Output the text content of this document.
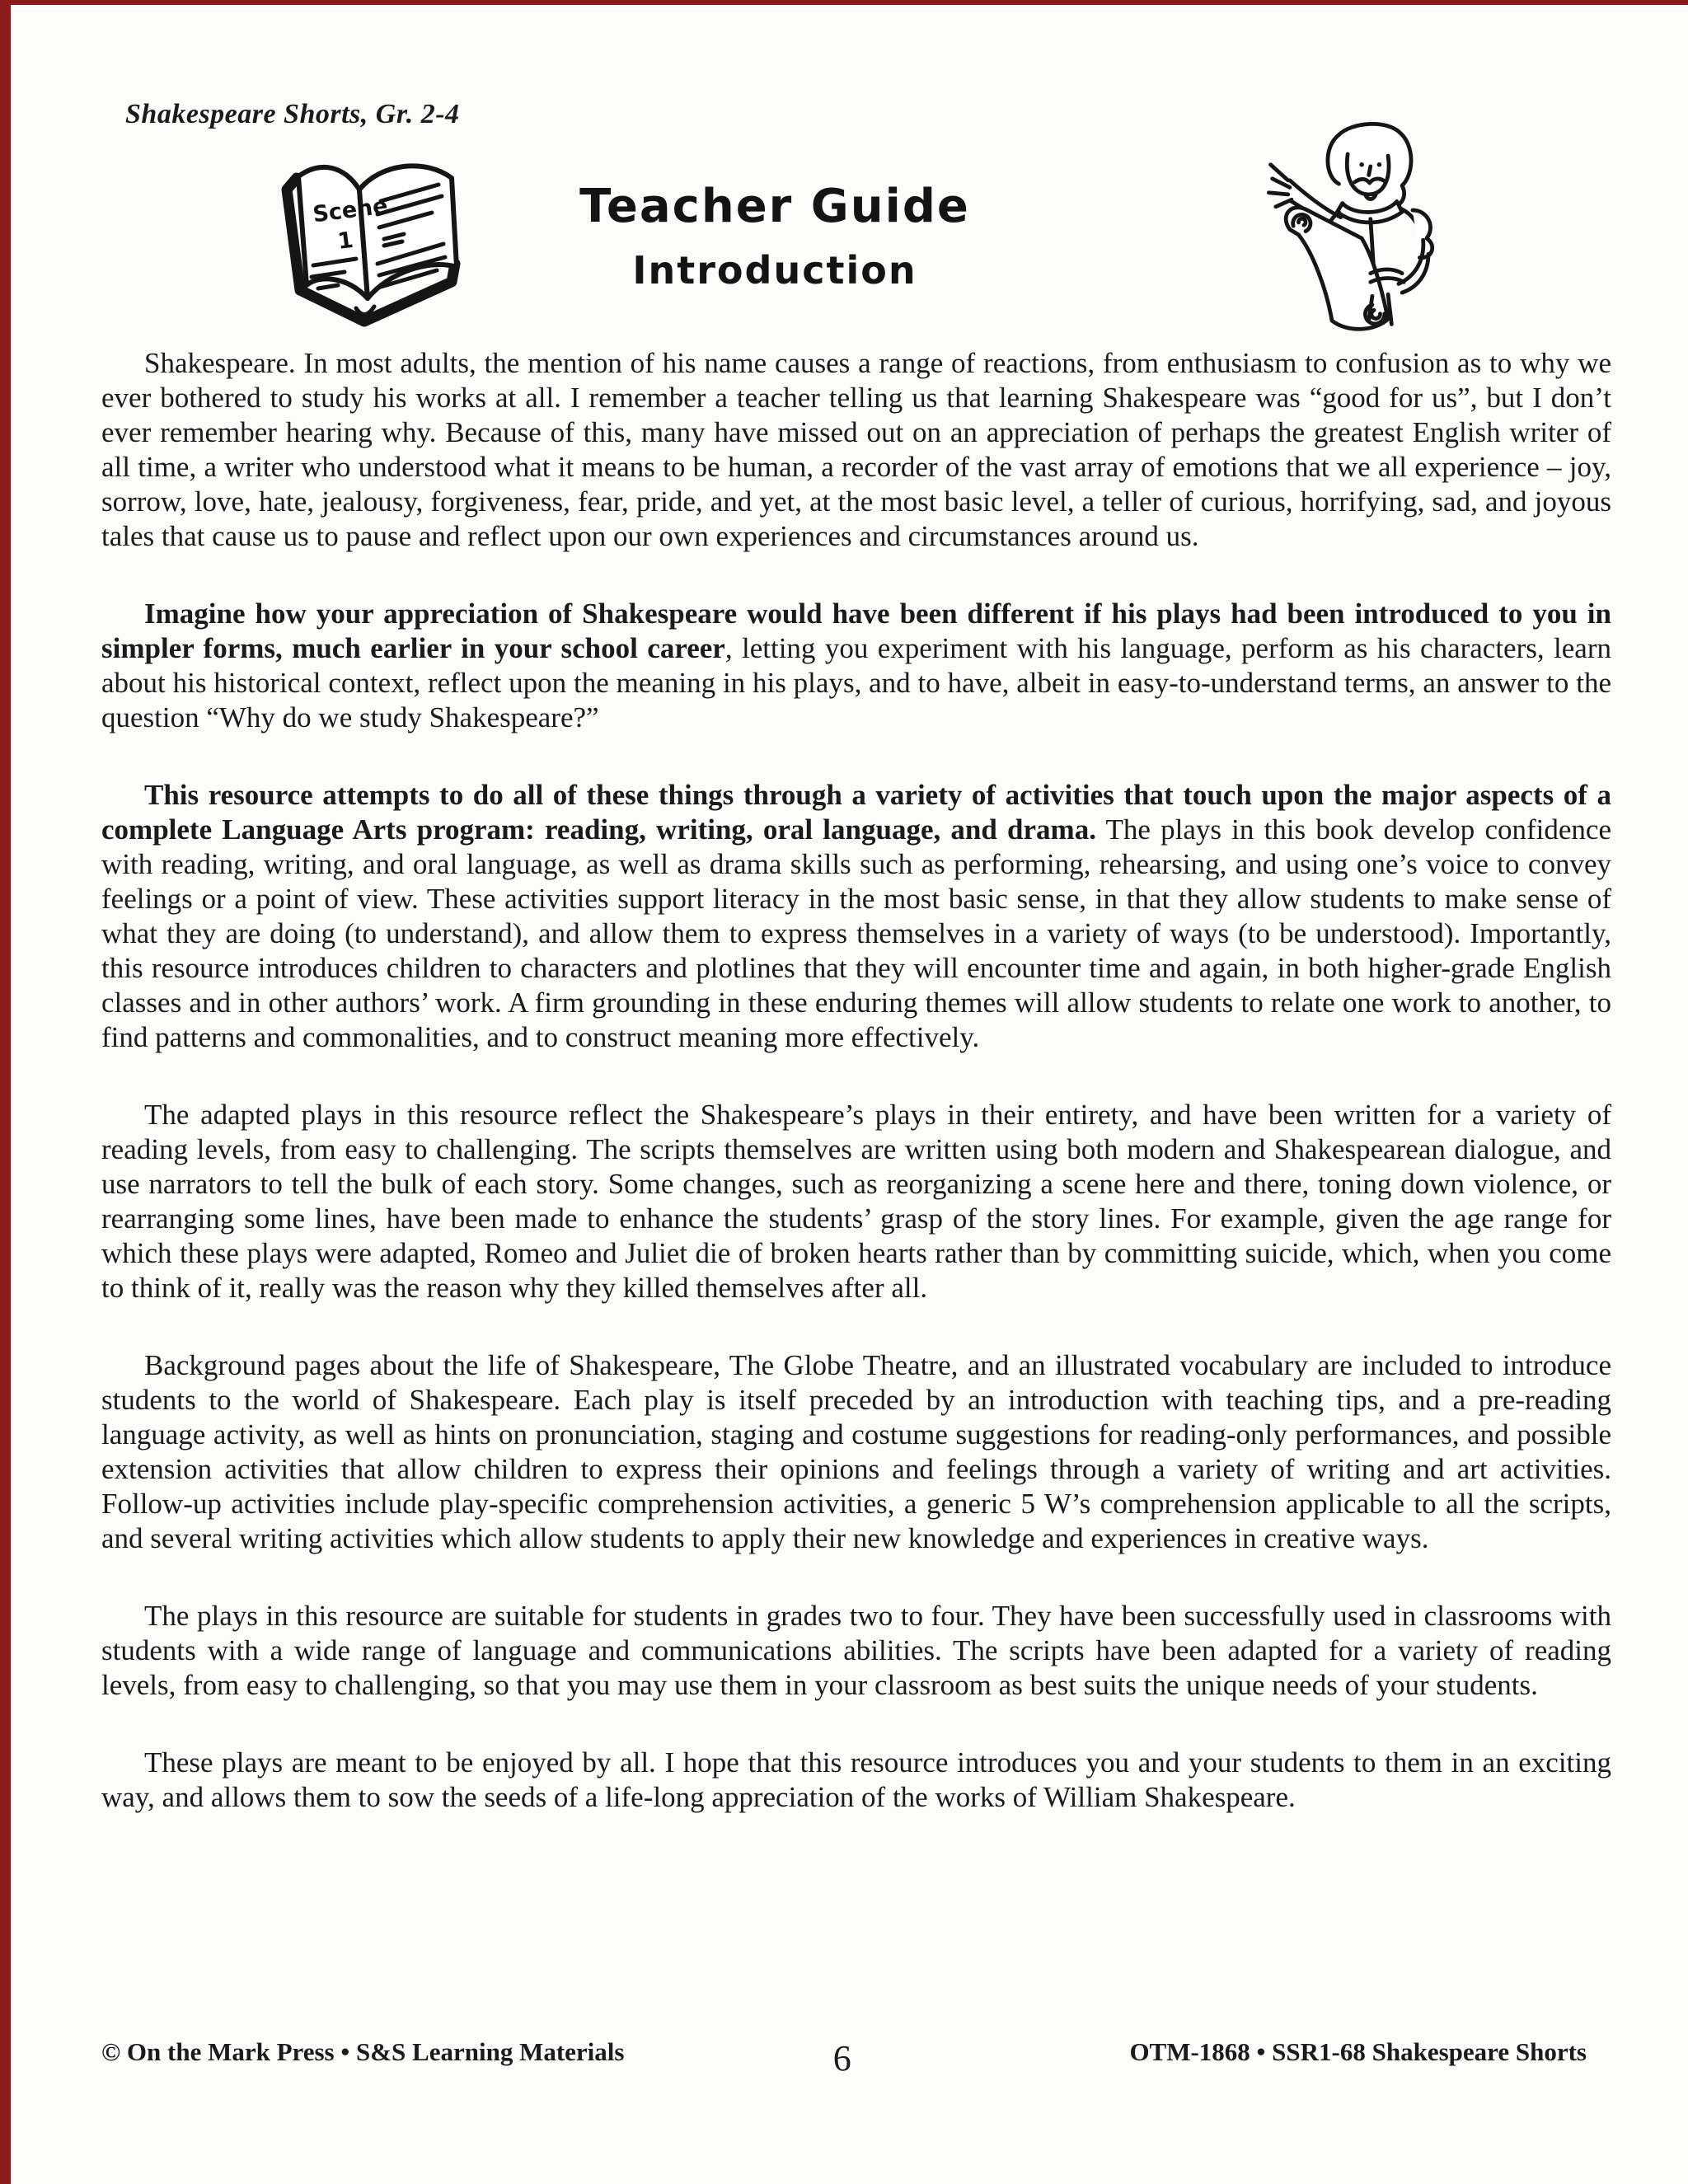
Shakespeare Shorts, Gr. 2-4
Scene
1
Teacher Guide
Introduction

Shakespeare. In most adults, the mention of his name causes a range of reactions, from enthusiasm to confusion as to why we ever bothered to study his works at all. I remember a teacher telling us that learning Shakespeare was “good for us”, but I don’t ever remember hearing why. Because of this, many have missed out on an appreciation of perhaps the greatest English writer of all time, a writer who understood what it means to be human, a recorder of the vast array of emotions that we all experience – joy, sorrow, love, hate, jealousy, forgiveness, fear, pride, and yet, at the most basic level, a teller of curious, horrifying, sad, and joyous tales that cause us to pause and reflect upon our own experiences and circumstances around us.

Imagine how your appreciation of Shakespeare would have been different if his plays had been introduced to you in simpler forms, much earlier in your school career, letting you experiment with his language, perform as his characters, learn about his historical context, reflect upon the meaning in his plays, and to have, albeit in easy-to-understand terms, an answer to the question “Why do we study Shakespeare?”

This resource attempts to do all of these things through a variety of activities that touch upon the major aspects of a complete Language Arts program: reading, writing, oral language, and drama. The plays in this book develop confidence with reading, writing, and oral language, as well as drama skills such as performing, rehearsing, and using one’s voice to convey feelings or a point of view. These activities support literacy in the most basic sense, in that they allow students to make sense of what they are doing (to understand), and allow them to express themselves in a variety of ways (to be understood). Importantly, this resource introduces children to characters and plotlines that they will encounter time and again, in both higher-grade English classes and in other authors’ work. A firm grounding in these enduring themes will allow students to relate one work to another, to find patterns and commonalities, and to construct meaning more effectively.

The adapted plays in this resource reflect the Shakespeare’s plays in their entirety, and have been written for a variety of reading levels, from easy to challenging. The scripts themselves are written using both modern and Shakespearean dialogue, and use narrators to tell the bulk of each story. Some changes, such as reorganizing a scene here and there, toning down violence, or rearranging some lines, have been made to enhance the students’ grasp of the story lines. For example, given the age range for which these plays were adapted, Romeo and Juliet die of broken hearts rather than by committing suicide, which, when you come to think of it, really was the reason why they killed themselves after all.

Background pages about the life of Shakespeare, The Globe Theatre, and an illustrated vocabulary are included to introduce students to the world of Shakespeare. Each play is itself preceded by an introduction with teaching tips, and a pre-reading language activity, as well as hints on pronunciation, staging and costume suggestions for reading-only performances, and possible extension activities that allow children to express their opinions and feelings through a variety of writing and art activities. Follow-up activities include play-specific comprehension activities, a generic 5 W’s comprehension applicable to all the scripts, and several writing activities which allow students to apply their new knowledge and experiences in creative ways.

The plays in this resource are suitable for students in grades two to four. They have been successfully used in classrooms with students with a wide range of language and communications abilities. The scripts have been adapted for a variety of reading levels, from easy to challenging, so that you may use them in your classroom as best suits the unique needs of your students.

These plays are meant to be enjoyed by all. I hope that this resource introduces you and your students to them in an exciting way, and allows them to sow the seeds of a life-long appreciation of the works of William Shakespeare.

© On the Mark Press • S&S Learning Materials	6	OTM-1868 • SSR1-68 Shakespeare Shorts
